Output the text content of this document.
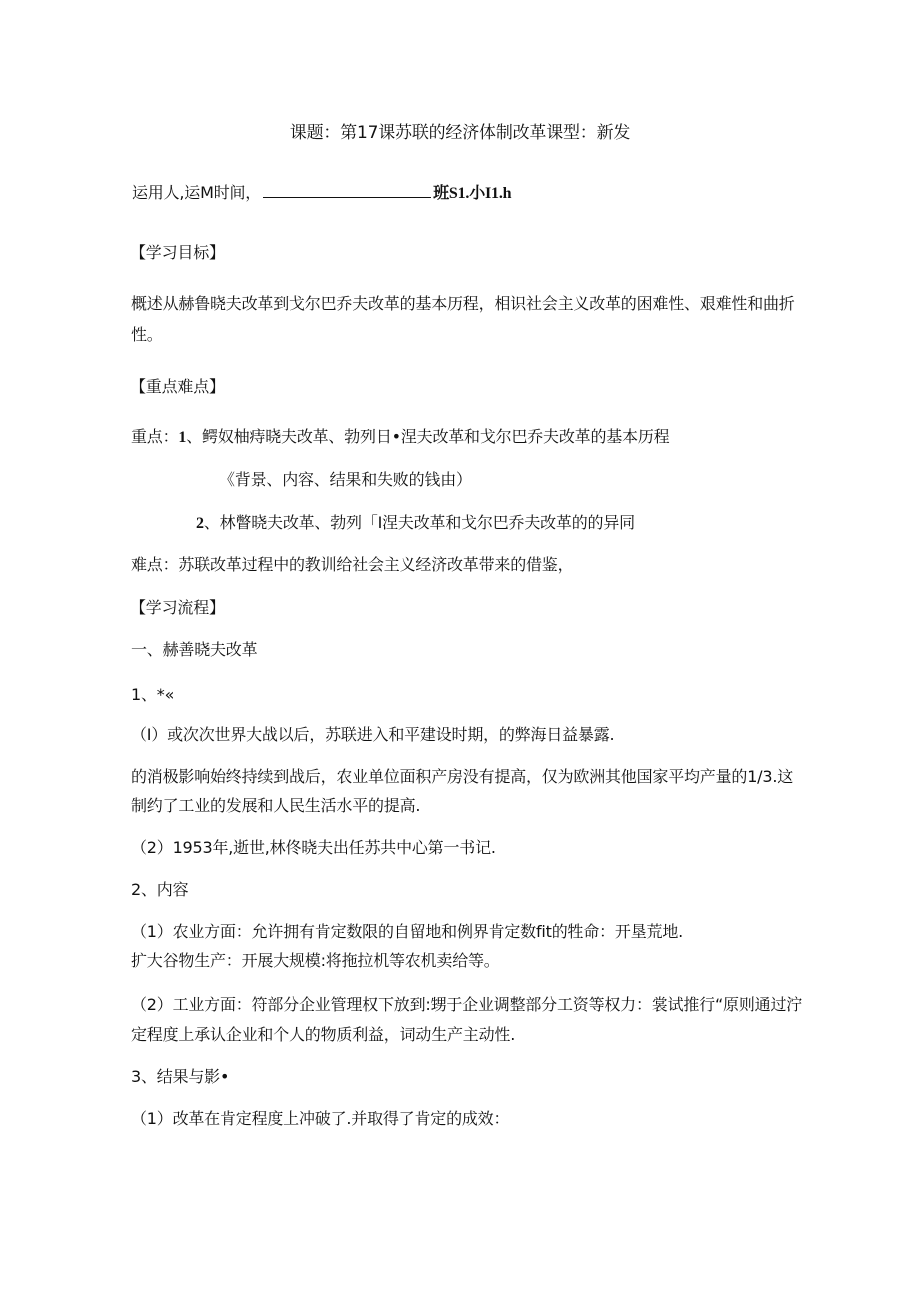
课题：第17课苏联的经济体制改革课型：新发
运用人,运M时间，	班S1.小I1.h
【学习目标】
概述从赫鲁晓夫改革到戈尔巴乔夫改革的基本历程，相识社会主义改革的困难性、艰难性和曲折
性。
【重点难点】
重点：1、鳄奴柚痔晓夫改革、勃列日•涅夫改革和戈尔巴乔夫改革的基本历程
《背景、内容、结果和失败的钱由）
2、林瞥晓夫改革、勃列「I涅夫改革和戈尔巴乔夫改革的的异同
难点：苏联改革过程中的教训给社会主义经济改革带来的借鉴，
【学习流程】
一、赫善晓夫改革
1、*«
（I）或次次世界大战以后，苏联进入和平建设时期，的弊海日益暴露.
的消极影响始终持续到战后，农业单位面积产房没有提高，仅为欧洲其他国家平均产量的1/3.这
制约了工业的发展和人民生活水平的提高.
（2）1953年,逝世,林佟晓夫出任苏共中心第一书记.
2、内容
（1）农业方面：允许拥有肯定数限的自留地和例界肯定数fit的牲命：开垦荒地.
扩大谷物生产：开展大规模:将拖拉机等农机卖给等。
（2）工业方面：符部分企业管理权下放到:甥于企业调整部分工资等权力：裳试推行“原则通过泞
定程度上承认企业和个人的物质利益，词动生产主动性.
3、结果与影•
（1）改革在肯定程度上冲破了.并取得了肯定的成效：
